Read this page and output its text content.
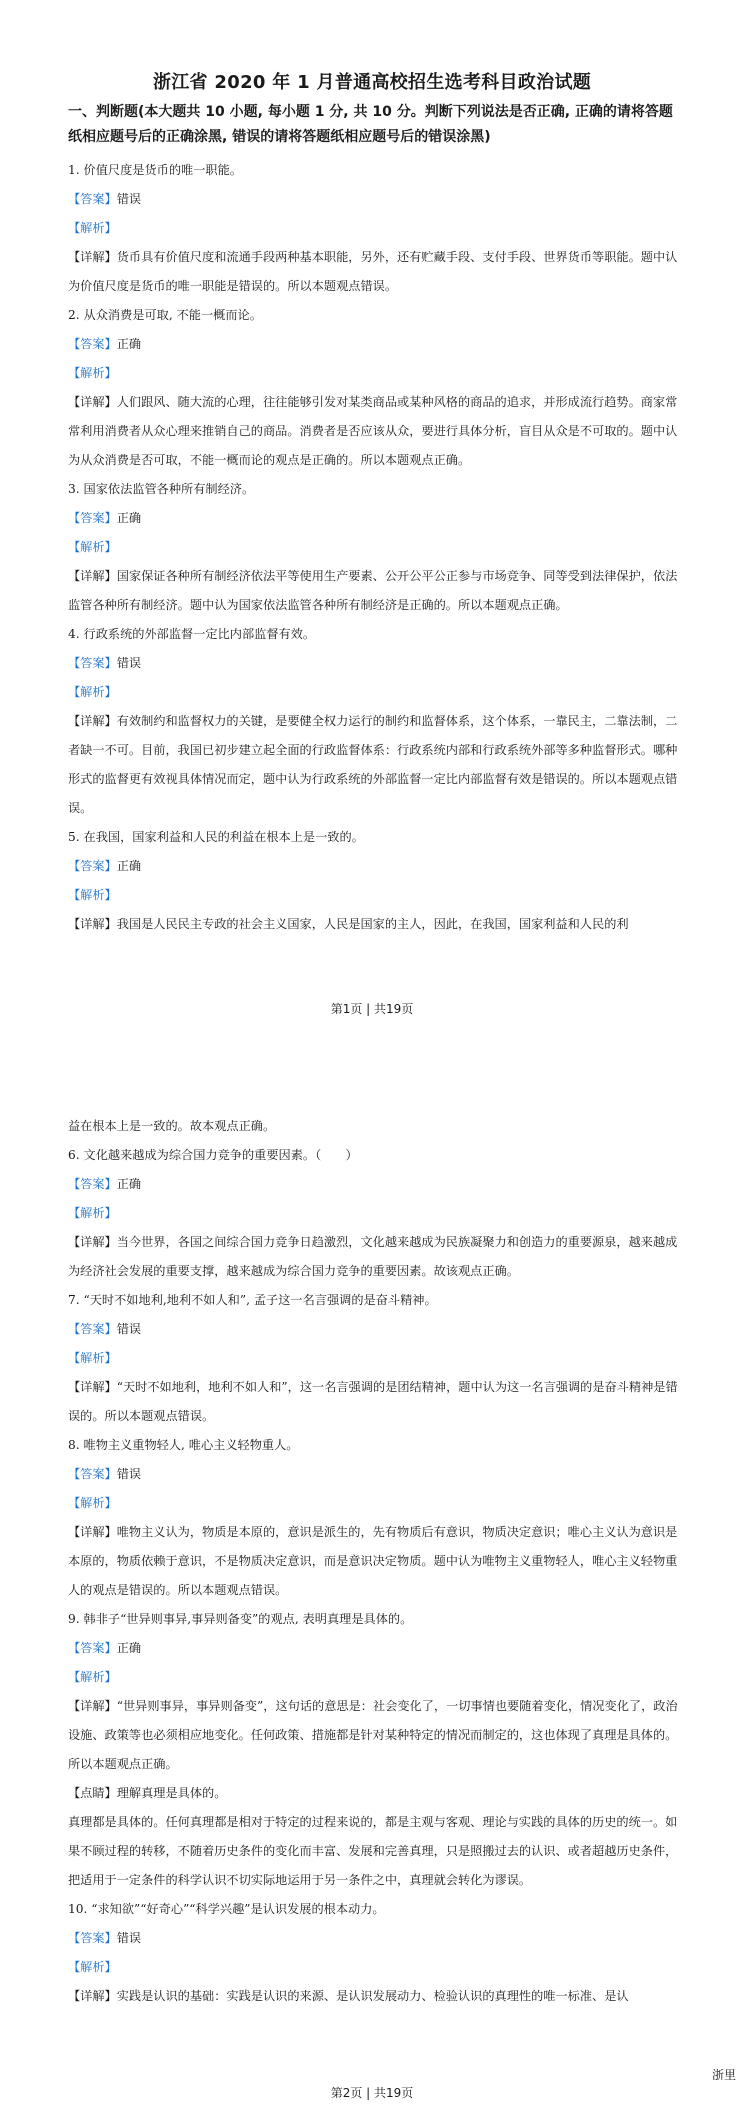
浙江省 2020 年 1 月普通高校招生选考科目政治试题
一、判断题(本大题共 10 小题, 每小题 1 分, 共 10 分。判断下列说法是否正确, 正确的请将答题纸相应题号后的正确涂黑, 错误的请将答题纸相应题号后的错误涂黑)
1. 价值尺度是货币的唯一职能。
【答案】错误
【解析】
【详解】货币具有价值尺度和流通手段两种基本职能，另外，还有贮藏手段、支付手段、世界货币等职能。题中认为价值尺度是货币的唯一职能是错误的。所以本题观点错误。
2. 从众消费是可取, 不能一概而论。
【答案】正确
【解析】
【详解】人们跟风、随大流的心理，往往能够引发对某类商品或某种风格的商品的追求，并形成流行趋势。商家常常利用消费者从众心理来推销自己的商品。消费者是否应该从众，要进行具体分析，盲目从众是不可取的。题中认为从众消费是否可取，不能一概而论的观点是正确的。所以本题观点正确。
3. 国家依法监管各种所有制经济。
【答案】正确
【解析】
【详解】国家保证各种所有制经济依法平等使用生产要素、公开公平公正参与市场竞争、同等受到法律保护，依法监管各种所有制经济。题中认为国家依法监管各种所有制经济是正确的。所以本题观点正确。
4. 行政系统的外部监督一定比内部监督有效。
【答案】错误
【解析】
【详解】有效制约和监督权力的关键，是要健全权力运行的制约和监督体系，这个体系，一靠民主，二靠法制，二者缺一不可。目前，我国已初步建立起全面的行政监督体系：行政系统内部和行政系统外部等多种监督形式。哪种形式的监督更有效视具体情况而定，题中认为行政系统的外部监督一定比内部监督有效是错误的。所以本题观点错误。
5. 在我国，国家利益和人民的利益在根本上是一致的。
【答案】正确
【解析】
【详解】我国是人民民主专政的社会主义国家，人民是国家的主人，因此，在我国，国家利益和人民的利
第1页 | 共19页
益在根本上是一致的。故本观点正确。
6. 文化越来越成为综合国力竞争的重要因素。（　　）
【答案】正确
【解析】
【详解】当今世界，各国之间综合国力竞争日趋激烈，文化越来越成为民族凝聚力和创造力的重要源泉，越来越成为经济社会发展的重要支撑，越来越成为综合国力竞争的重要因素。故该观点正确。
7. “天时不如地利,地利不如人和”, 孟子这一名言强调的是奋斗精神。
【答案】错误
【解析】
【详解】“天时不如地利，地利不如人和”，这一名言强调的是团结精神，题中认为这一名言强调的是奋斗精神是错误的。所以本题观点错误。
8. 唯物主义重物轻人, 唯心主义轻物重人。
【答案】错误
【解析】
【详解】唯物主义认为，物质是本原的，意识是派生的，先有物质后有意识，物质决定意识；唯心主义认为意识是本原的，物质依赖于意识，不是物质决定意识，而是意识决定物质。题中认为唯物主义重物轻人，唯心主义轻物重人的观点是错误的。所以本题观点错误。
9. 韩非子“世异则事异,事异则备变”的观点, 表明真理是具体的。
【答案】正确
【解析】
【详解】“世异则事异，事异则备变”，这句话的意思是：社会变化了，一切事情也要随着变化，情况变化了，政治设施、政策等也必须相应地变化。任何政策、措施都是针对某种特定的情况而制定的，这也体现了真理是具体的。所以本题观点正确。
【点睛】理解真理是具体的。
真理都是具体的。任何真理都是相对于特定的过程来说的，都是主观与客观、理论与实践的具体的历史的统一。如果不顾过程的转移，不随着历史条件的变化而丰富、发展和完善真理，只是照搬过去的认识、或者超越历史条件，把适用于一定条件的科学认识不切实际地运用于另一条件之中，真理就会转化为谬误。
10. “求知欲”“好奇心”“科学兴趣”是认识发展的根本动力。
【答案】错误
【解析】
【详解】实践是认识的基础：实践是认识的来源、是认识发展动力、检验认识的真理性的唯一标准、是认
第2页 | 共19页
浙里
